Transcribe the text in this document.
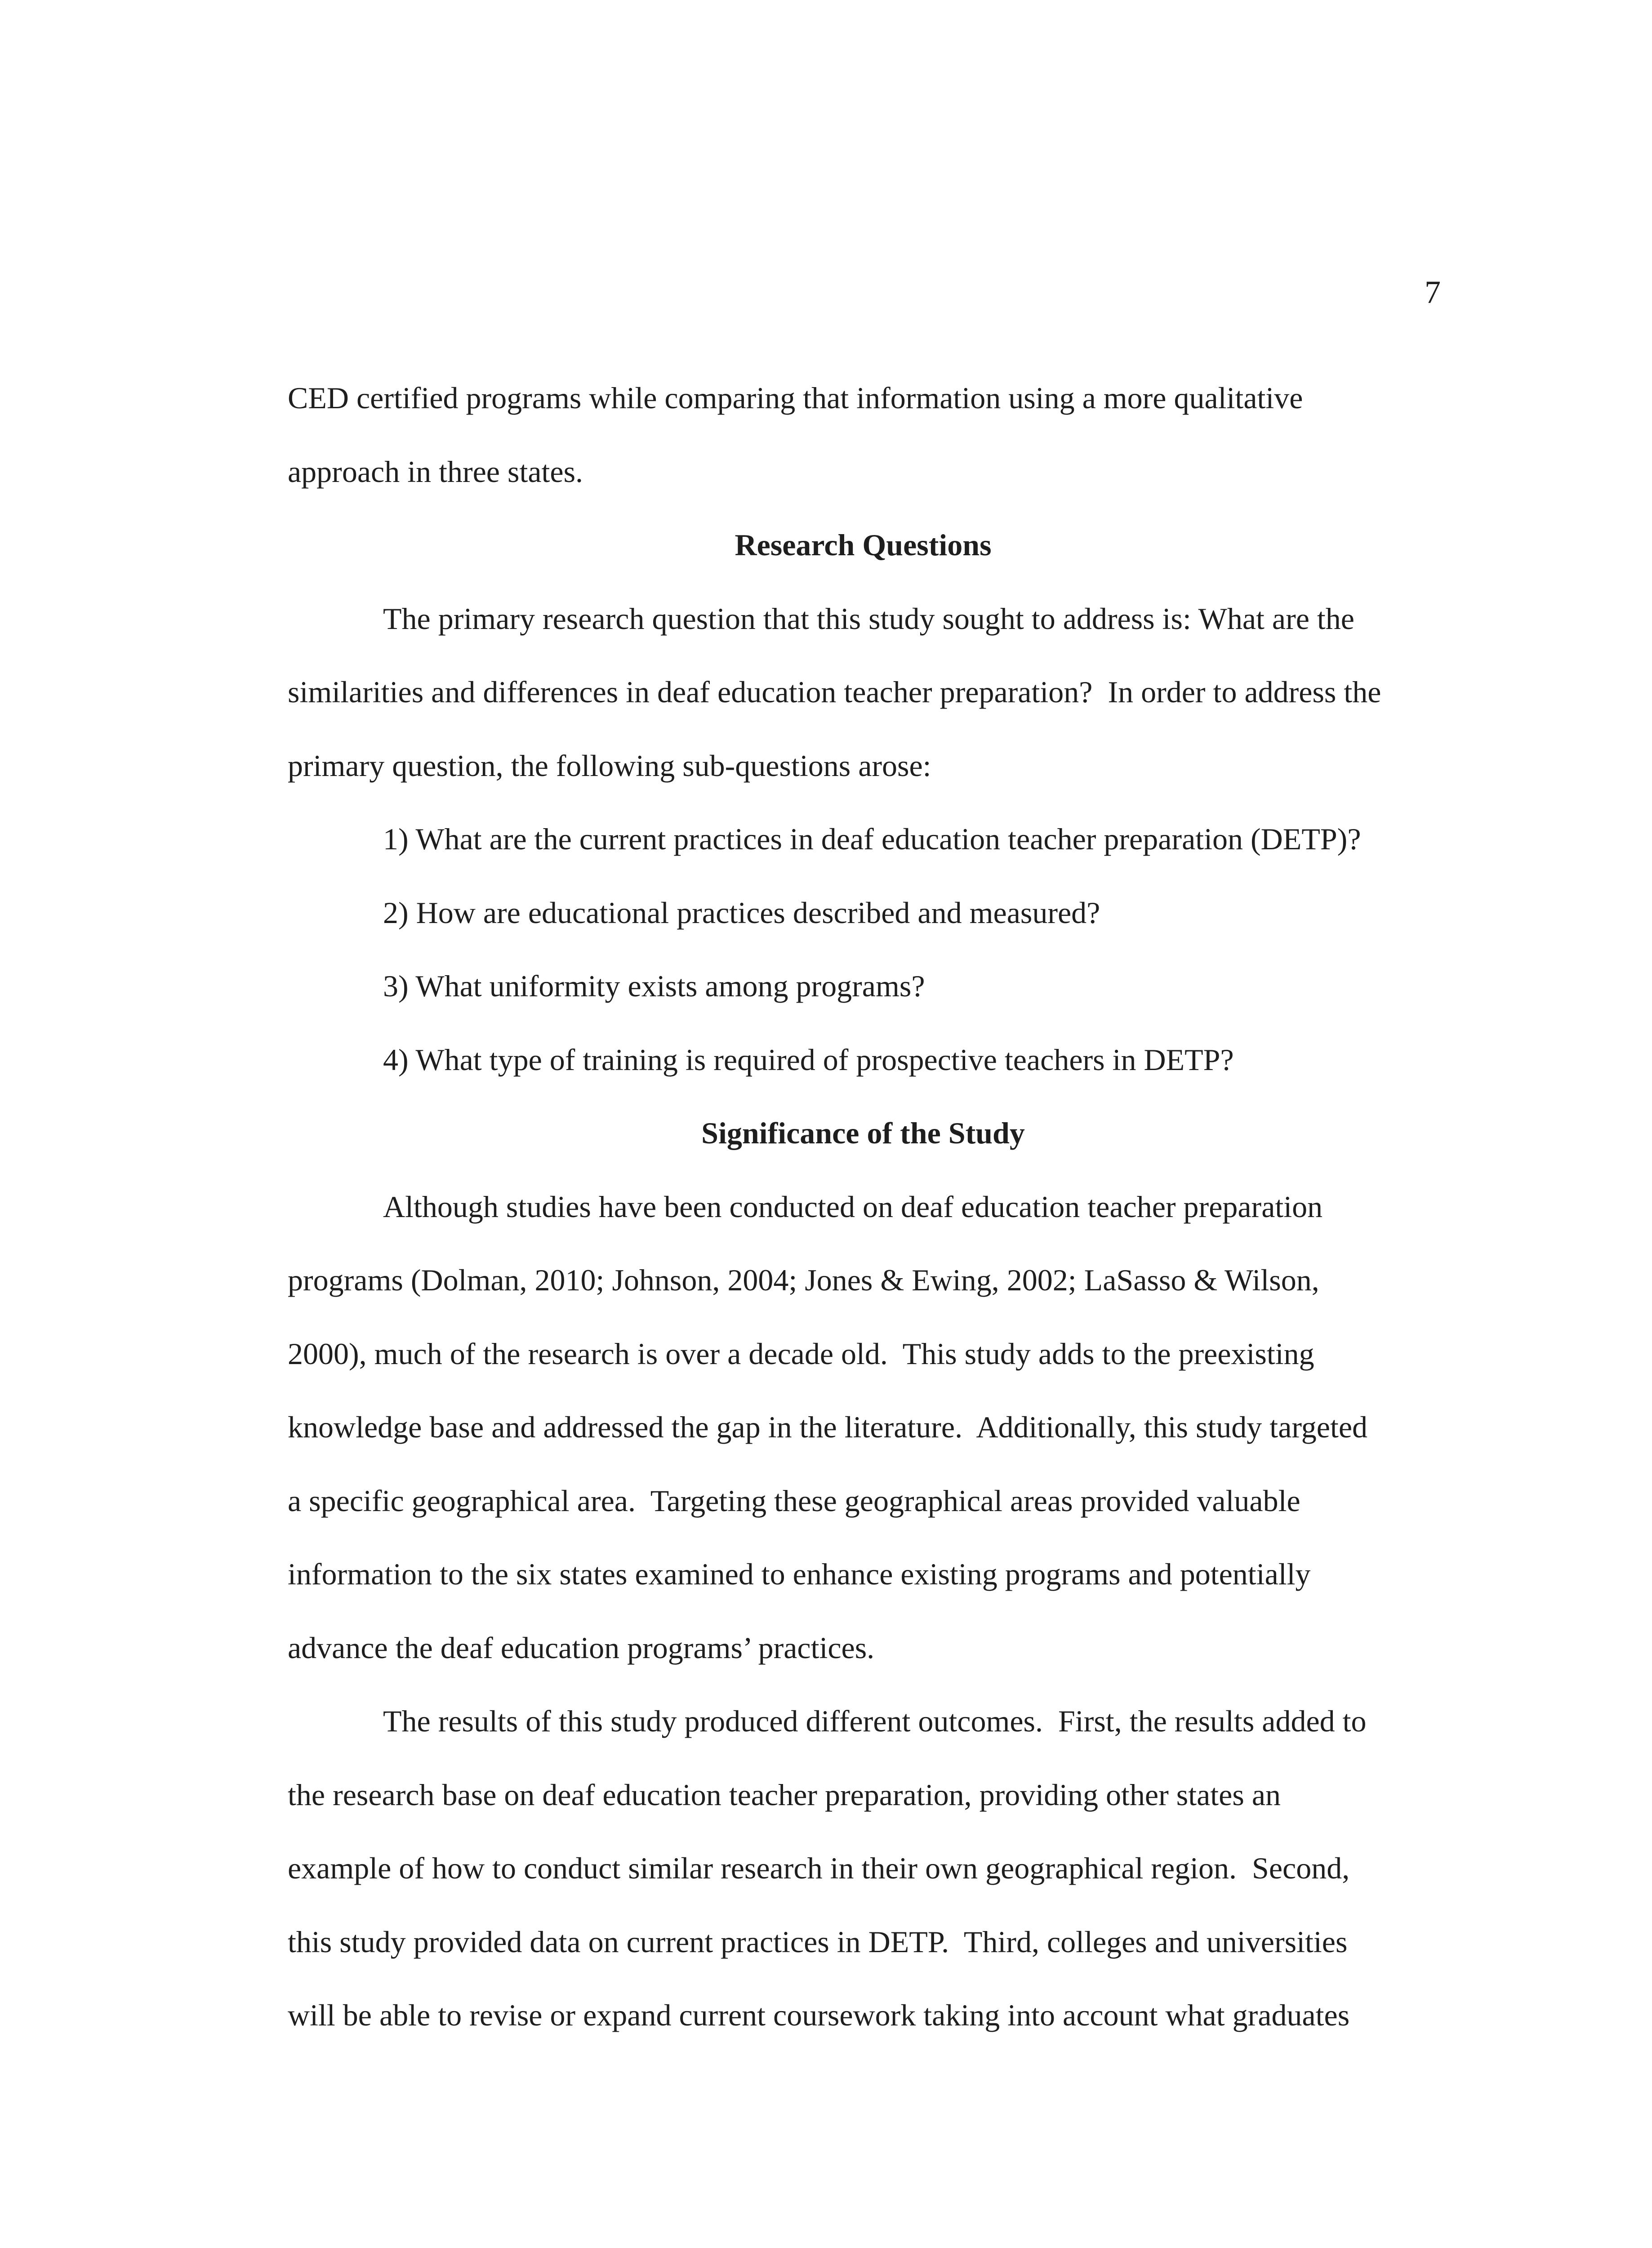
7
CED certified programs while comparing that information using a more qualitative
approach in three states.
Research Questions
The primary research question that this study sought to address is: What are the
similarities and differences in deaf education teacher preparation?  In order to address the
primary question, the following sub-questions arose:
1) What are the current practices in deaf education teacher preparation (DETP)?
2) How are educational practices described and measured?
3) What uniformity exists among programs?
4) What type of training is required of prospective teachers in DETP?
Significance of the Study
Although studies have been conducted on deaf education teacher preparation
programs (Dolman, 2010; Johnson, 2004; Jones & Ewing, 2002; LaSasso & Wilson,
2000), much of the research is over a decade old.  This study adds to the preexisting
knowledge base and addressed the gap in the literature.  Additionally, this study targeted
a specific geographical area.  Targeting these geographical areas provided valuable
information to the six states examined to enhance existing programs and potentially
advance the deaf education programs’ practices.
The results of this study produced different outcomes.  First, the results added to
the research base on deaf education teacher preparation, providing other states an
example of how to conduct similar research in their own geographical region.  Second,
this study provided data on current practices in DETP.  Third, colleges and universities
will be able to revise or expand current coursework taking into account what graduates
